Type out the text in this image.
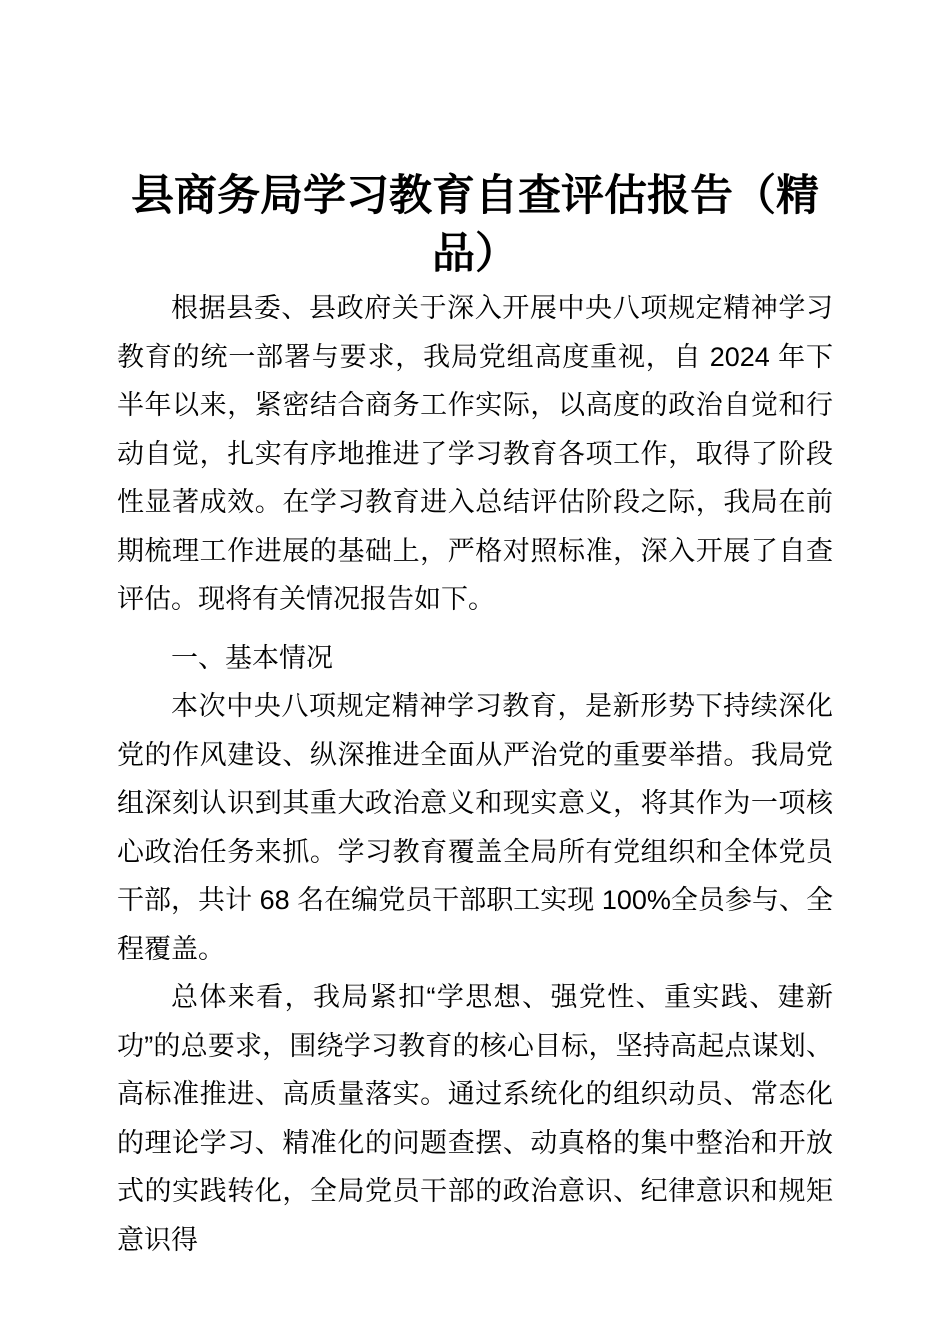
县商务局学习教育自查评估报告（精品）

根据县委、县政府关于深入开展中央八项规定精神学习教育的统一部署与要求，我局党组高度重视，自 2024 年下半年以来，紧密结合商务工作实际，以高度的政治自觉和行动自觉，扎实有序地推进了学习教育各项工作，取得了阶段性显著成效。在学习教育进入总结评估阶段之际，我局在前期梳理工作进展的基础上，严格对照标准，深入开展了自查评估。现将有关情况报告如下。

一、基本情况

本次中央八项规定精神学习教育，是新形势下持续深化党的作风建设、纵深推进全面从严治党的重要举措。我局党组深刻认识到其重大政治意义和现实意义，将其作为一项核心政治任务来抓。学习教育覆盖全局所有党组织和全体党员干部，共计 68 名在编党员干部职工实现 100%全员参与、全程覆盖。

总体来看，我局紧扣“学思想、强党性、重实践、建新功”的总要求，围绕学习教育的核心目标，坚持高起点谋划、高标准推进、高质量落实。通过系统化的组织动员、常态化的理论学习、精准化的问题查摆、动真格的集中整治和开放式的实践转化，全局党员干部的政治意识、纪律意识和规矩意识得
